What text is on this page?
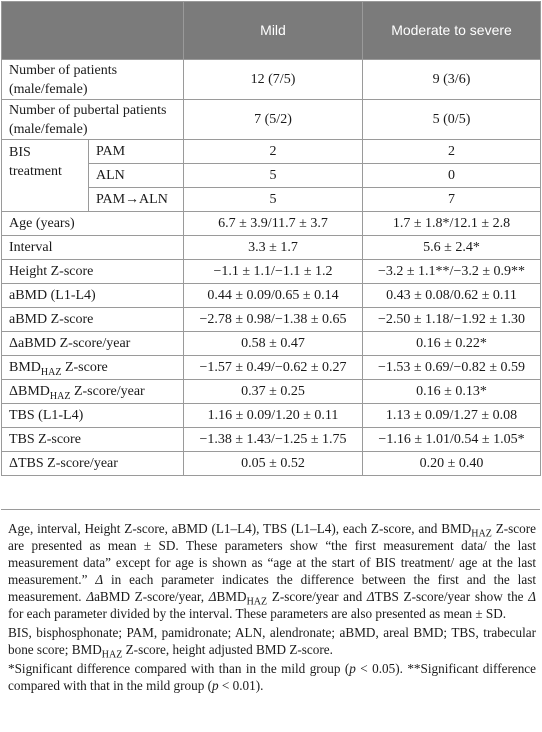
		Mild	Moderate to severe
Number of patients (male/female)		12 (7/5)	9 (3/6)
Number of pubertal patients (male/female)		7 (5/2)	5 (0/5)
BIS treatment	PAM	2	2
	ALN	5	0
	PAM→ALN	5	7
Age (years)		6.7 ± 3.9/11.7 ± 3.7	1.7 ± 1.8*/12.1 ± 2.8
Interval		3.3 ± 1.7	5.6 ± 2.4*
Height Z-score		−1.1 ± 1.1/−1.1 ± 1.2	−3.2 ± 1.1**/−3.2 ± 0.9**
aBMD (L1-L4)		0.44 ± 0.09/0.65 ± 0.14	0.43 ± 0.08/0.62 ± 0.11
aBMD Z-score		−2.78 ± 0.98/−1.38 ± 0.65	−2.50 ± 1.18/−1.92 ± 1.30
ΔaBMD Z-score/year		0.58 ± 0.47	0.16 ± 0.22*
$BMD_{HAZ}$ Z-score		−1.57 ± 0.49/−0.62 ± 0.27	−1.53 ± 0.69/−0.82 ± 0.59
$\Delta BMD_{HAZ}$ Z-score/year		0.37 ± 0.25	0.16 ± 0.13*
TBS (L1-L4)		1.16 ± 0.09/1.20 ± 0.11	1.13 ± 0.09/1.27 ± 0.08
TBS Z-score		−1.38 ± 1.43/−1.25 ± 1.75	−1.16 ± 1.01/0.54 ± 1.05*
ΔTBS Z-score/year		0.05 ± 0.52	0.20 ± 0.40

Age, interval, Height Z-score, aBMD (L1–L4), TBS (L1–L4), each Z-score, and $BMD_{HAZ}$ Z-score are presented as mean ± SD. These parameters show “the first measurement data/ the last measurement data” except for age is shown as “age at the start of BIS treatment/ age at the last measurement.” Δ in each parameter indicates the difference between the first and the last measurement. ΔaBMD Z-score/year, $\Delta BMD_{HAZ}$ Z-score/year and ΔTBS Z-score/year show the Δ for each parameter divided by the interval. These parameters are also presented as mean ± SD.

BIS, bisphosphonate; PAM, pamidronate; ALN, alendronate; aBMD, areal BMD; TBS, trabecular bone score; $BMD_{HAZ}$ Z-score, height adjusted BMD Z-score.

*Significant difference compared with than in the mild group (p < 0.05). **Significant difference compared with that in the mild group (p < 0.01).
